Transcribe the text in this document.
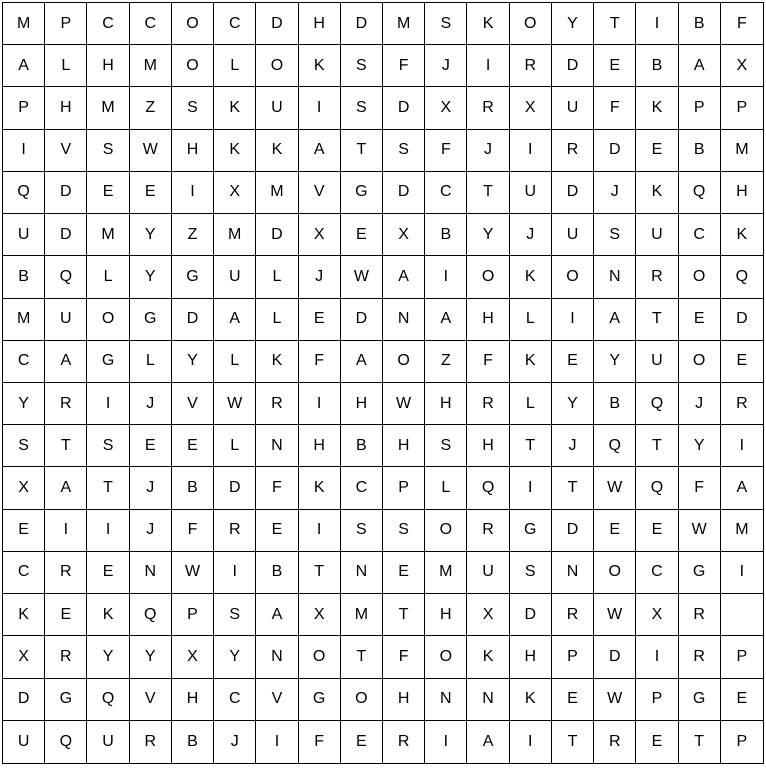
M	P	C	C	O	C	D	H	D	M	S	K	O	Y	T	I	B	F
A	L	H	M	O	L	O	K	S	F	J	I	R	D	E	B	A	X
P	H	M	Z	S	K	U	I	S	D	X	R	X	U	F	K	P	P
I	V	S	W	H	K	K	A	T	S	F	J	I	R	D	E	B	M
Q	D	E	E	I	X	M	V	G	D	C	T	U	D	J	K	Q	H
U	D	M	Y	Z	M	D	X	E	X	B	Y	J	U	S	U	C	K
B	Q	L	Y	G	U	L	J	W	A	I	O	K	O	N	R	O	Q
M	U	O	G	D	A	L	E	D	N	A	H	L	I	A	T	E	D
C	A	G	L	Y	L	K	F	A	O	Z	F	K	E	Y	U	O	E
Y	R	I	J	V	W	R	I	H	W	H	R	L	Y	B	Q	J	R
S	T	S	E	E	L	N	H	B	H	S	H	T	J	Q	T	Y	I
X	A	T	J	B	D	F	K	C	P	L	Q	I	T	W	Q	F	A
E	I	I	J	F	R	E	I	S	S	O	R	G	D	E	E	W	M
C	R	E	N	W	I	B	T	N	E	M	U	S	N	O	C	G	I
K	E	K	Q	P	S	A	X	M	T	H	X	D	R	W	X	R
X	R	Y	Y	X	Y	N	O	T	F	O	K	H	P	D	I	R	P
D	G	Q	V	H	C	V	G	O	H	N	N	K	E	W	P	G	E
U	Q	U	R	B	J	I	F	E	R	I	A	I	T	R	E	T	P
